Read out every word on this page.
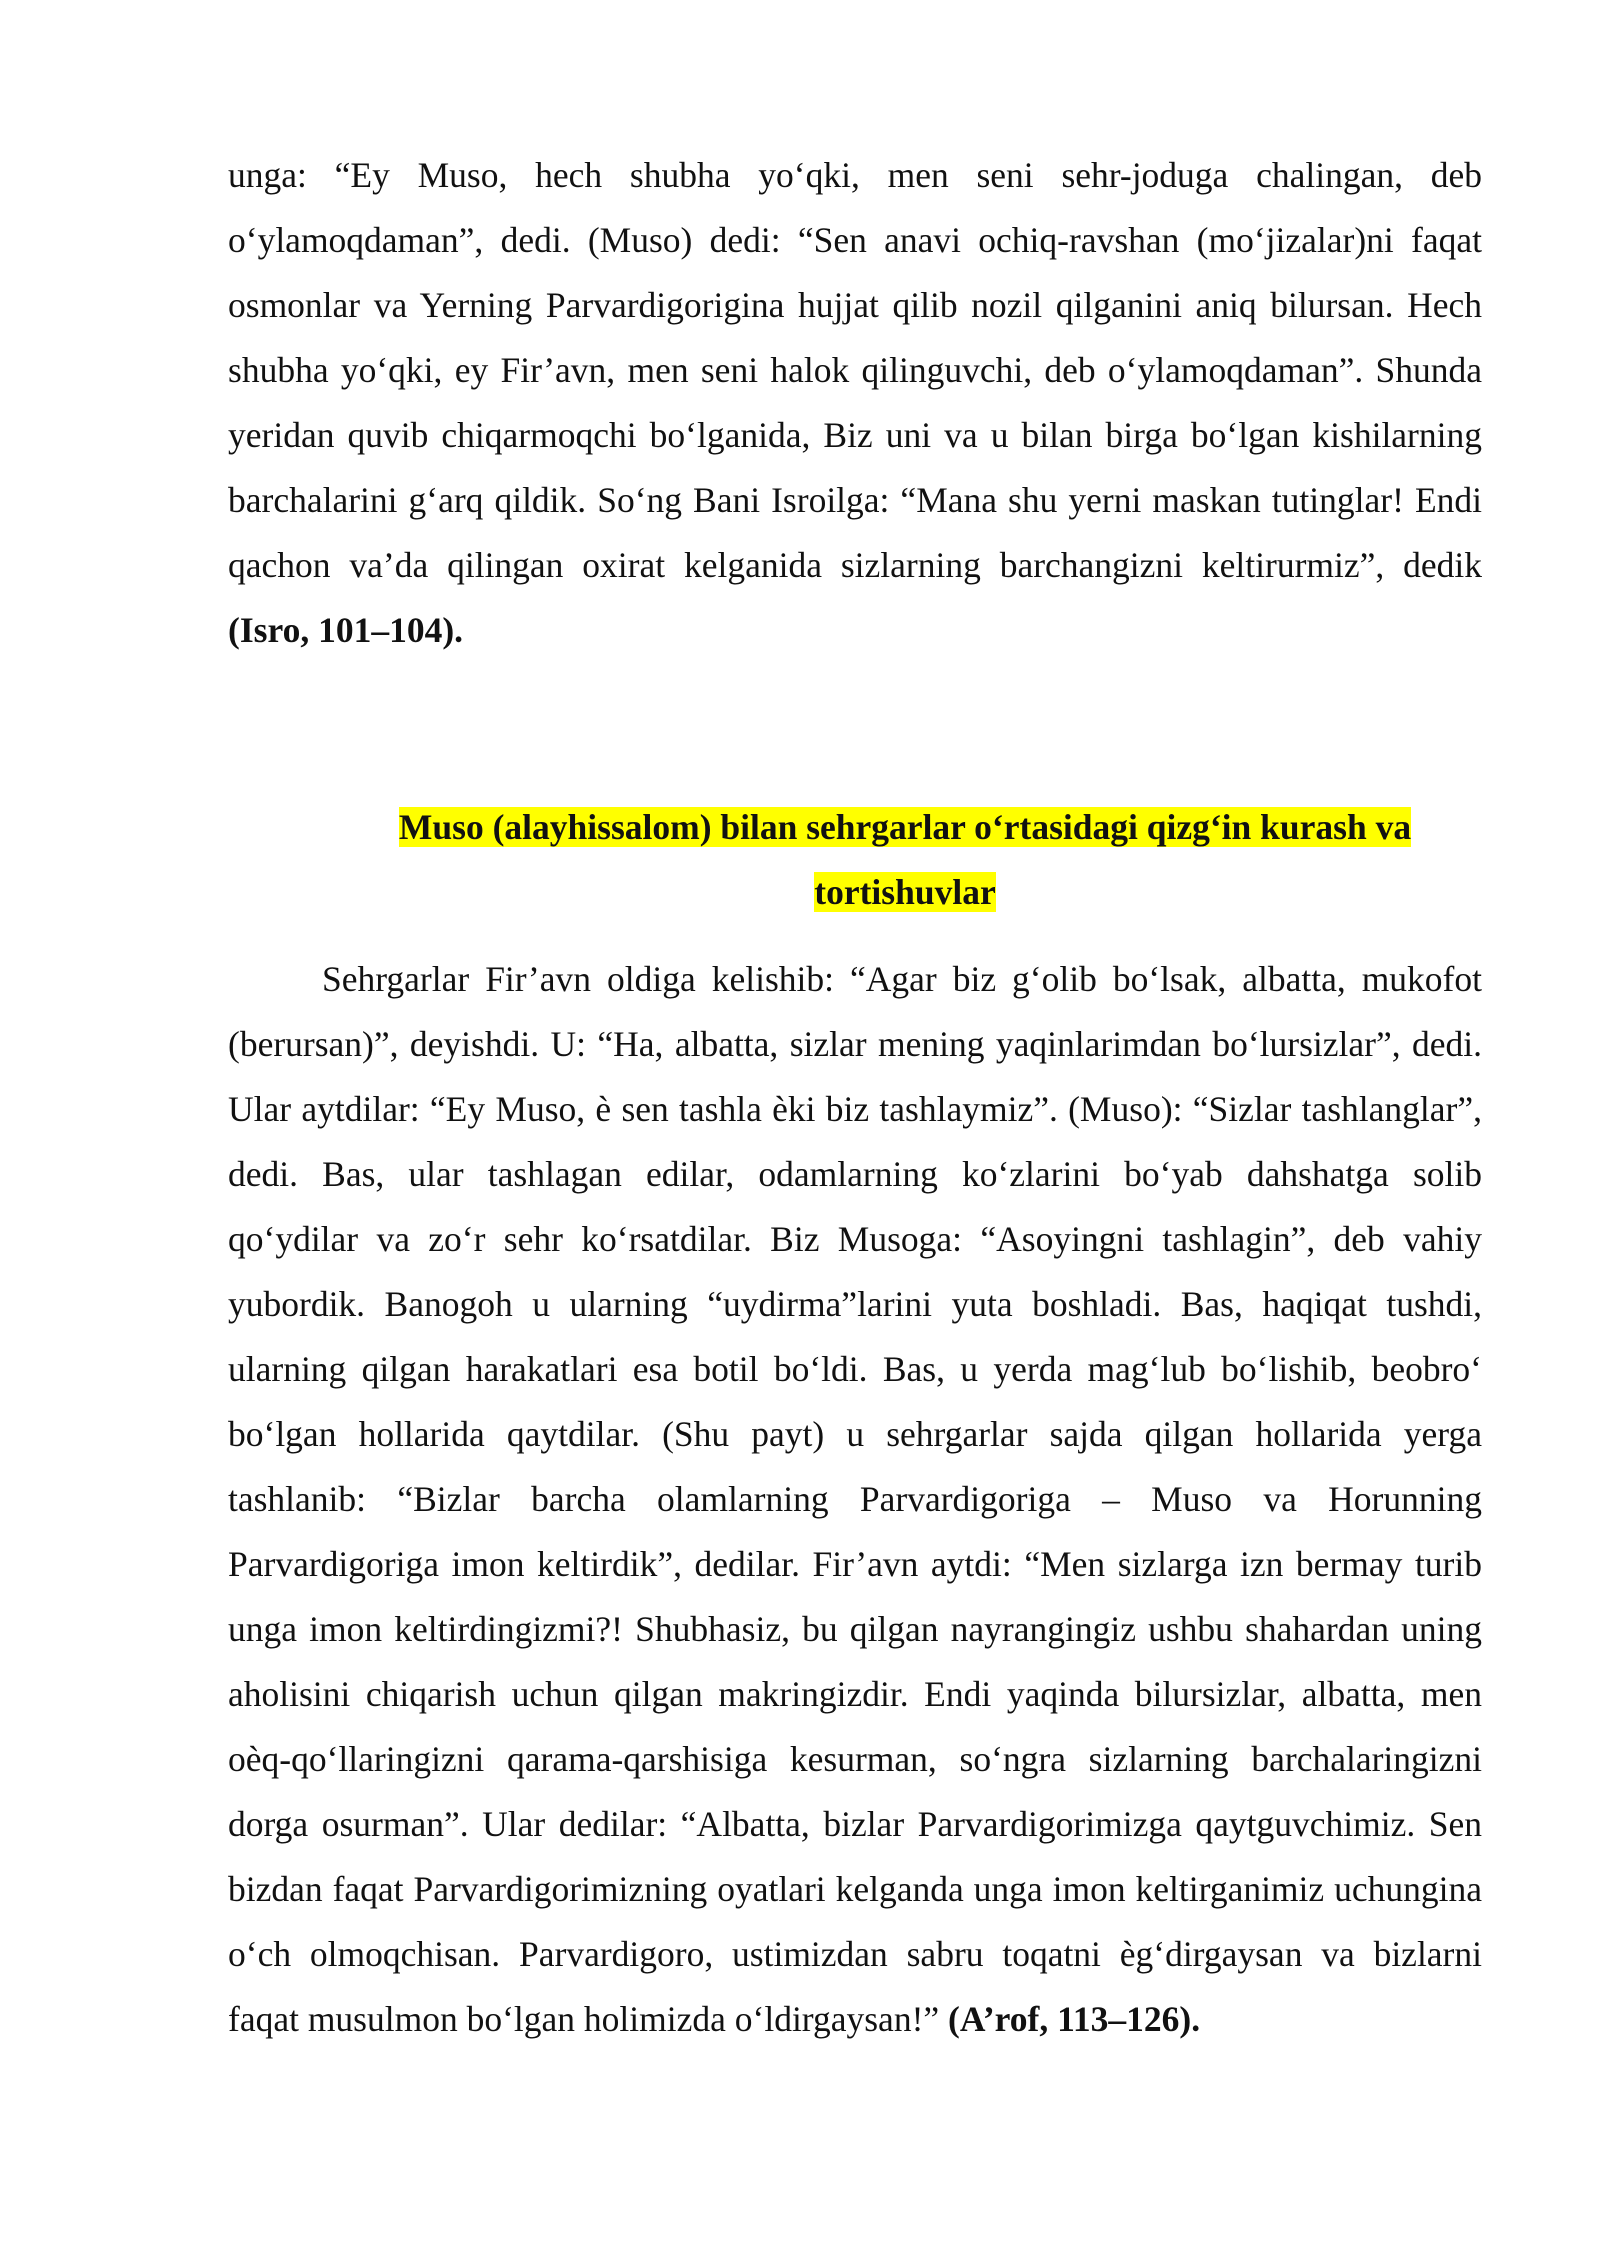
unga: “Ey Muso, hech shubha yo‘qki, men seni sehr-joduga chalingan, deb o‘ylamoqdaman”, dedi. (Muso) dedi: “Sen anavi ochiq-ravshan (mo‘jizalar)ni faqat osmonlar va Yerning Parvardigorigina hujjat qilib nozil qilganini aniq bilursan. Hech shubha yo‘qki, ey Fir’avn, men seni halok qilinguvchi, deb o‘ylamoqdaman”. Shunda yeridan quvib chiqarmoqchi bo‘lganida, Biz uni va u bilan birga bo‘lgan kishilarning barchalarini g‘arq qildik. So‘ng Bani Isroilga: “Mana shu yerni maskan tutinglar! Endi qachon va’da qilingan oxirat kelganida sizlarning barchangizni keltirurmiz”, dedik (Isro, 101–104).

Muso (alayhissalom) bilan sehrgarlar o‘rtasidagi qizg‘in kurash va tortishuvlar

Sehrgarlar Fir’avn oldiga kelishib: “Agar biz g‘olib bo‘lsak, albatta, mukofot (berursan)”, deyishdi. U: “Ha, albatta, sizlar mening yaqinlarimdan bo‘lursizlar”, dedi. Ular aytdilar: “Ey Muso, è sen tashla èki biz tashlaymiz”. (Muso): “Sizlar tashlanglar”, dedi. Bas, ular tashlagan edilar, odamlarning ko‘zlarini bo‘yab dahshatga solib qo‘ydilar va zo‘r sehr ko‘rsatdilar. Biz Musoga: “Asoyingni tashlagin”, deb vahiy yubordik. Banogoh u ularning “uydirma”larini yuta boshladi. Bas, haqiqat tushdi, ularning qilgan harakatlari esa botil bo‘ldi. Bas, u yerda mag‘lub bo‘lishib, beobro‘ bo‘lgan hollarida qaytdilar. (Shu payt) u sehrgarlar sajda qilgan hollarida yerga tashlanib: “Bizlar barcha olamlarning Parvardigoriga – Muso va Horunning Parvardigoriga imon keltirdik”, dedilar. Fir’avn aytdi: “Men sizlarga izn bermay turib unga imon keltirdingizmi?! Shubhasiz, bu qilgan nayrangingiz ushbu shahardan uning aholisini chiqarish uchun qilgan makringizdir. Endi yaqinda bilursizlar, albatta, men oèq-qo‘llaringizni qarama-qarshisiga kesurman, so‘ngra sizlarning barchalaringizni dorga osurman”. Ular dedilar: “Albatta, bizlar Parvardigorimizga qaytguvchimiz. Sen bizdan faqat Parvardigorimizning oyatlari kelganda unga imon keltirganimiz uchungina o‘ch olmoqchisan. Parvardigoro, ustimizdan sabru toqatni èg‘dirgaysan va bizlarni faqat musulmon bo‘lgan holimizda o‘ldirgaysan!” (A’rof, 113–126).
